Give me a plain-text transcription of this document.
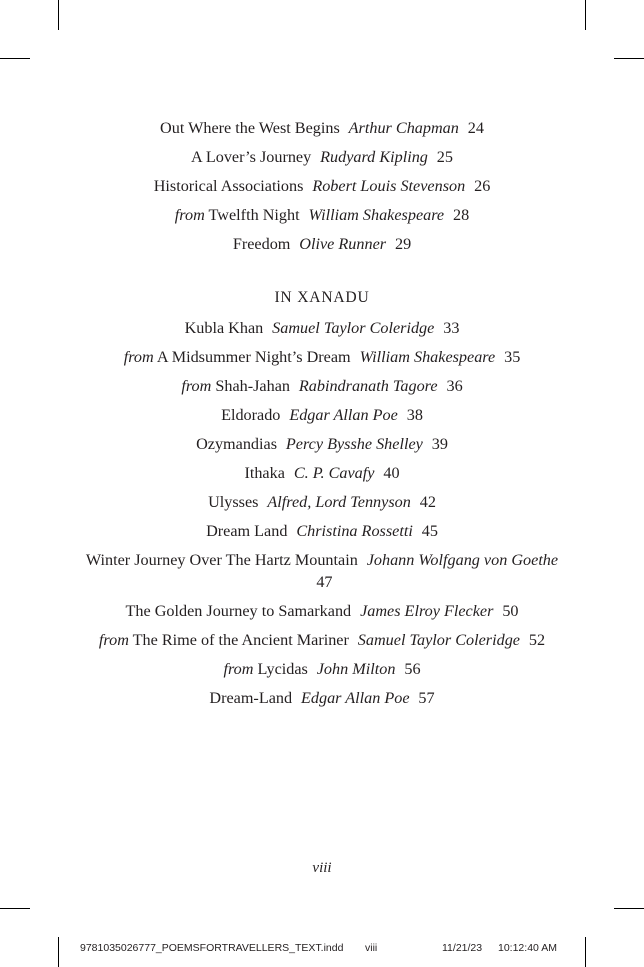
Out Where the West Begins Arthur Chapman 24
A Lover’s Journey Rudyard Kipling 25
Historical Associations Robert Louis Stevenson 26
from Twelfth Night William Shakespeare 28
Freedom Olive Runner 29
IN XANADU
Kubla Khan Samuel Taylor Coleridge 33
from A Midsummer Night’s Dream William Shakespeare 35
from Shah-Jahan Rabindranath Tagore 36
Eldorado Edgar Allan Poe 38
Ozymandias Percy Bysshe Shelley 39
Ithaka C. P. Cavafy 40
Ulysses Alfred, Lord Tennyson 42
Dream Land Christina Rossetti 45
Winter Journey Over The Hartz Mountain Johann Wolfgang von Goethe 47
The Golden Journey to Samarkand James Elroy Flecker 50
from The Rime of the Ancient Mariner Samuel Taylor Coleridge 52
from Lycidas John Milton 56
Dream-Land Edgar Allan Poe 57
viii
9781035026777_POEMSFORTRAVELLERS_TEXT.indd viii	11/21/23 10:12:40 AM
